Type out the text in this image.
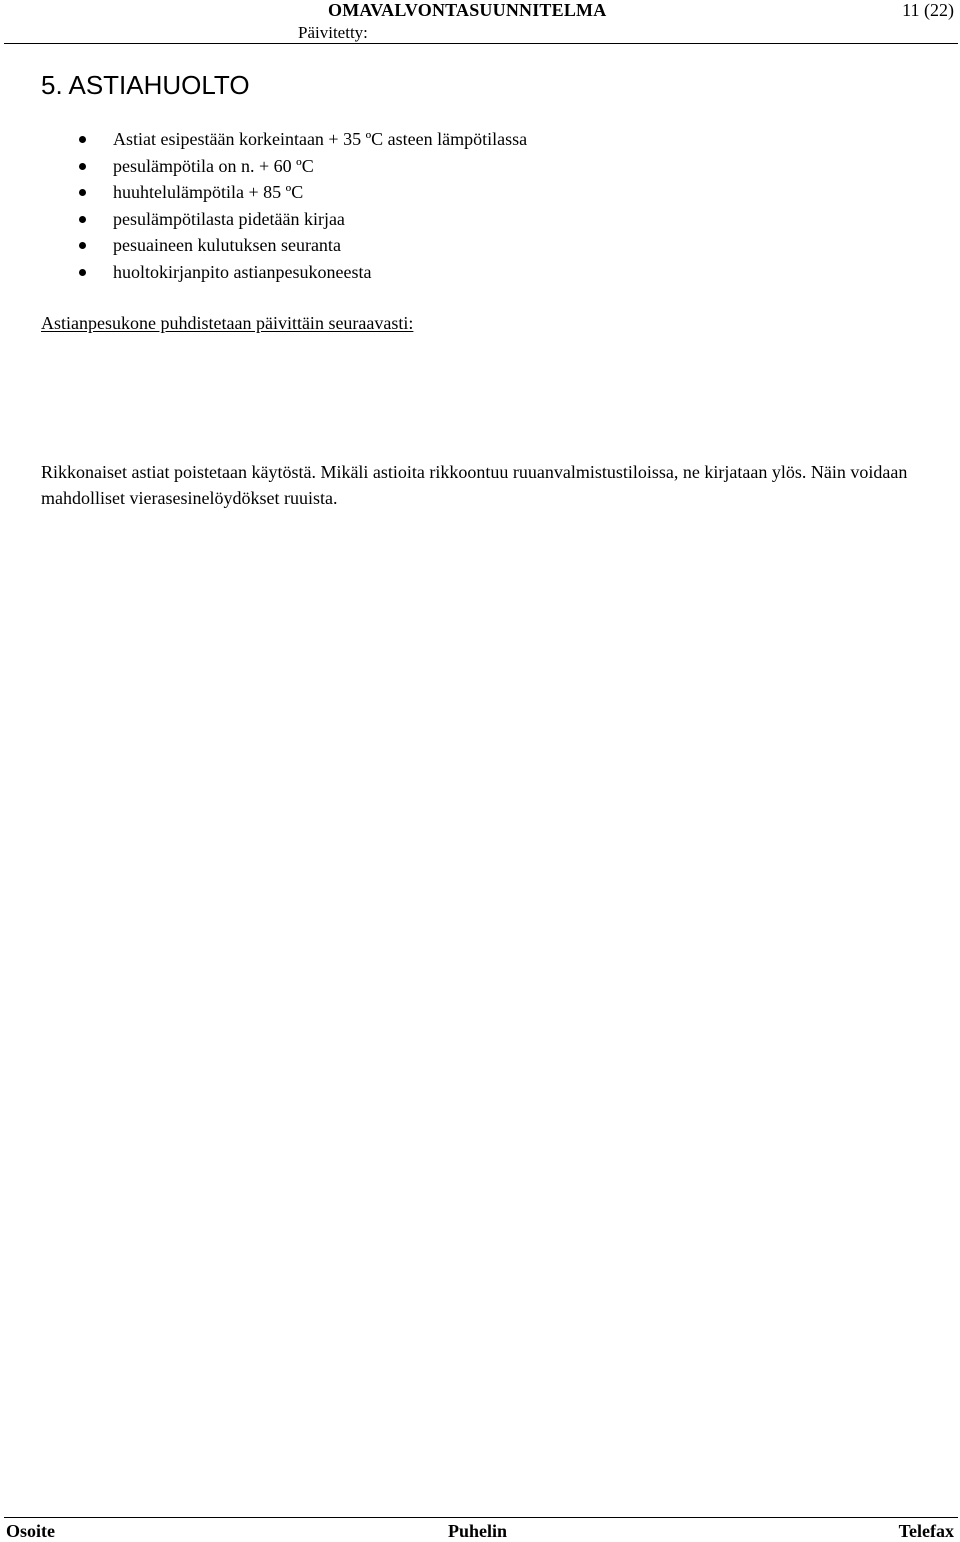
OMAVALVONTASUUNNITELMA
Päivitetty:
11 (22)
5. ASTIAHUOLTO
Astiat esipestään korkeintaan + 35 ºC asteen lämpötilassa
pesulämpötila on n. + 60 ºC
huuhtelulämpötila + 85 ºC
pesulämpötilasta pidetään kirjaa
pesuaineen kulutuksen seuranta
huoltokirjanpito astianpesukoneesta
Astianpesukone puhdistetaan päivittäin seuraavasti:

Rikkonaiset astiat poistetaan käytöstä. Mikäli astioita rikkoontuu ruuanvalmistustiloissa, ne kirjataan ylös. Näin voidaan mahdolliset vierasesinelöydökset ruuista.

Osoite	Puhelin	Telefax
